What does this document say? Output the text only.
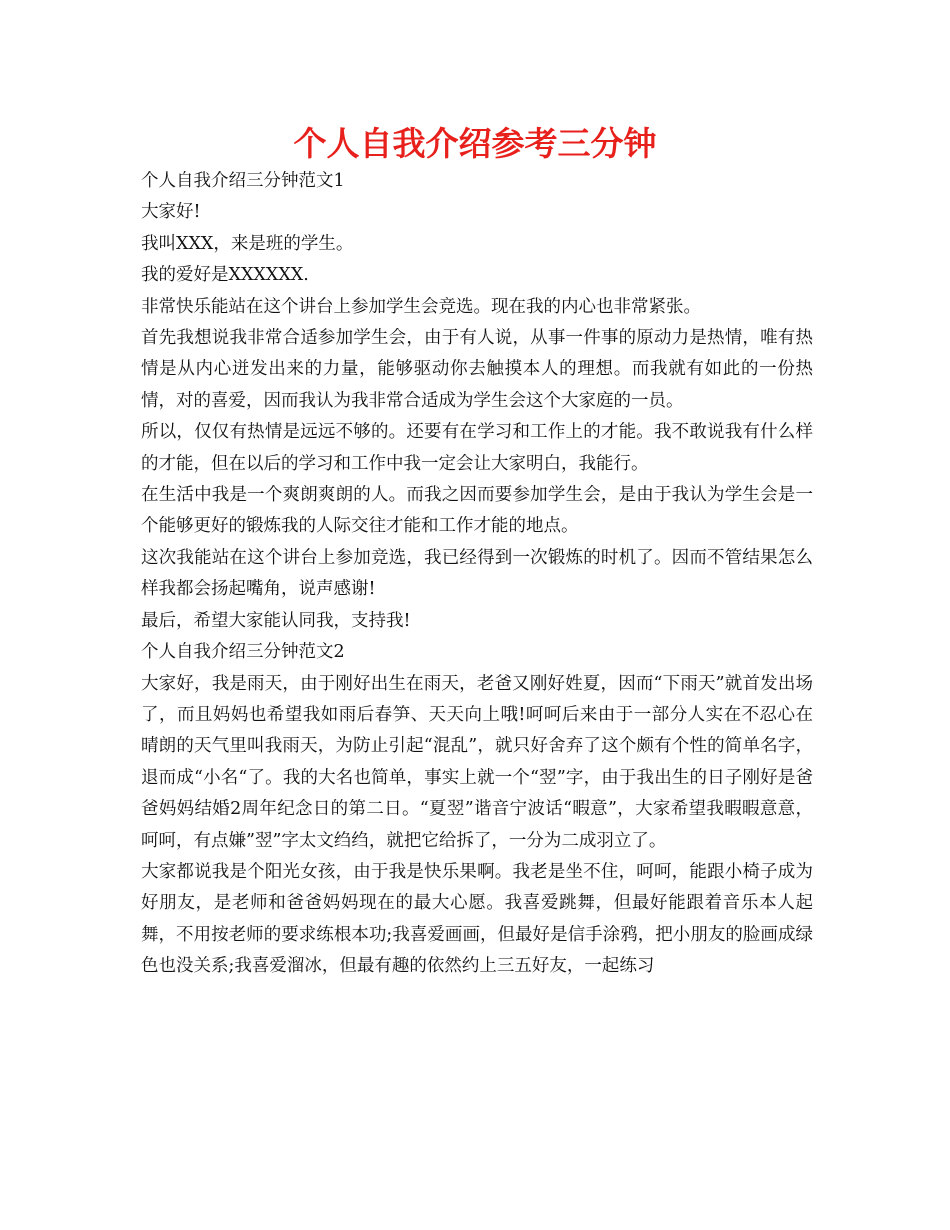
个人自我介绍参考三分钟

个人自我介绍三分钟范文1

大家好!

我叫XXX，来是班的学生。

我的爱好是XXXXXX.

非常快乐能站在这个讲台上参加学生会竞选。现在我的内心也非常紧张。

首先我想说我非常合适参加学生会，由于有人说，从事一件事的原动力是热情，唯有热情是从内心迸发出来的力量，能够驱动你去触摸本人的理想。而我就有如此的一份热情，对的喜爱，因而我认为我非常合适成为学生会这个大家庭的一员。

所以，仅仅有热情是远远不够的。还要有在学习和工作上的才能。我不敢说我有什么样的才能，但在以后的学习和工作中我一定会让大家明白，我能行。

在生活中我是一个爽朗爽朗的人。而我之因而要参加学生会，是由于我认为学生会是一个能够更好的锻炼我的人际交往才能和工作才能的地点。

这次我能站在这个讲台上参加竞选，我已经得到一次锻炼的时机了。因而不管结果怎么样我都会扬起嘴角，说声感谢!

最后，希望大家能认同我，支持我!

个人自我介绍三分钟范文2

大家好，我是雨天，由于刚好出生在雨天，老爸又刚好姓夏，因而“下雨天”就首发出场了，而且妈妈也希望我如雨后春笋、天天向上哦!呵呵后来由于一部分人实在不忍心在晴朗的天气里叫我雨天，为防止引起“混乱”，就只好舍弃了这个颇有个性的简单名字，退而成“小名“了。我的大名也简单，事实上就一个“翌”字，由于我出生的日子刚好是爸爸妈妈结婚2周年纪念日的第二日。“夏翌”谐音宁波话“暇意”，大家希望我暇暇意意，呵呵，有点嫌”翌”字太文绉绉，就把它给拆了，一分为二成羽立了。

大家都说我是个阳光女孩，由于我是快乐果啊。我老是坐不住，呵呵，能跟小椅子成为好朋友，是老师和爸爸妈妈现在的最大心愿。我喜爱跳舞，但最好能跟着音乐本人起舞，不用按老师的要求练根本功;我喜爱画画，但最好是信手涂鸦，把小朋友的脸画成绿色也没关系;我喜爱溜冰，但最有趣的依然约上三五好友，一起练习
